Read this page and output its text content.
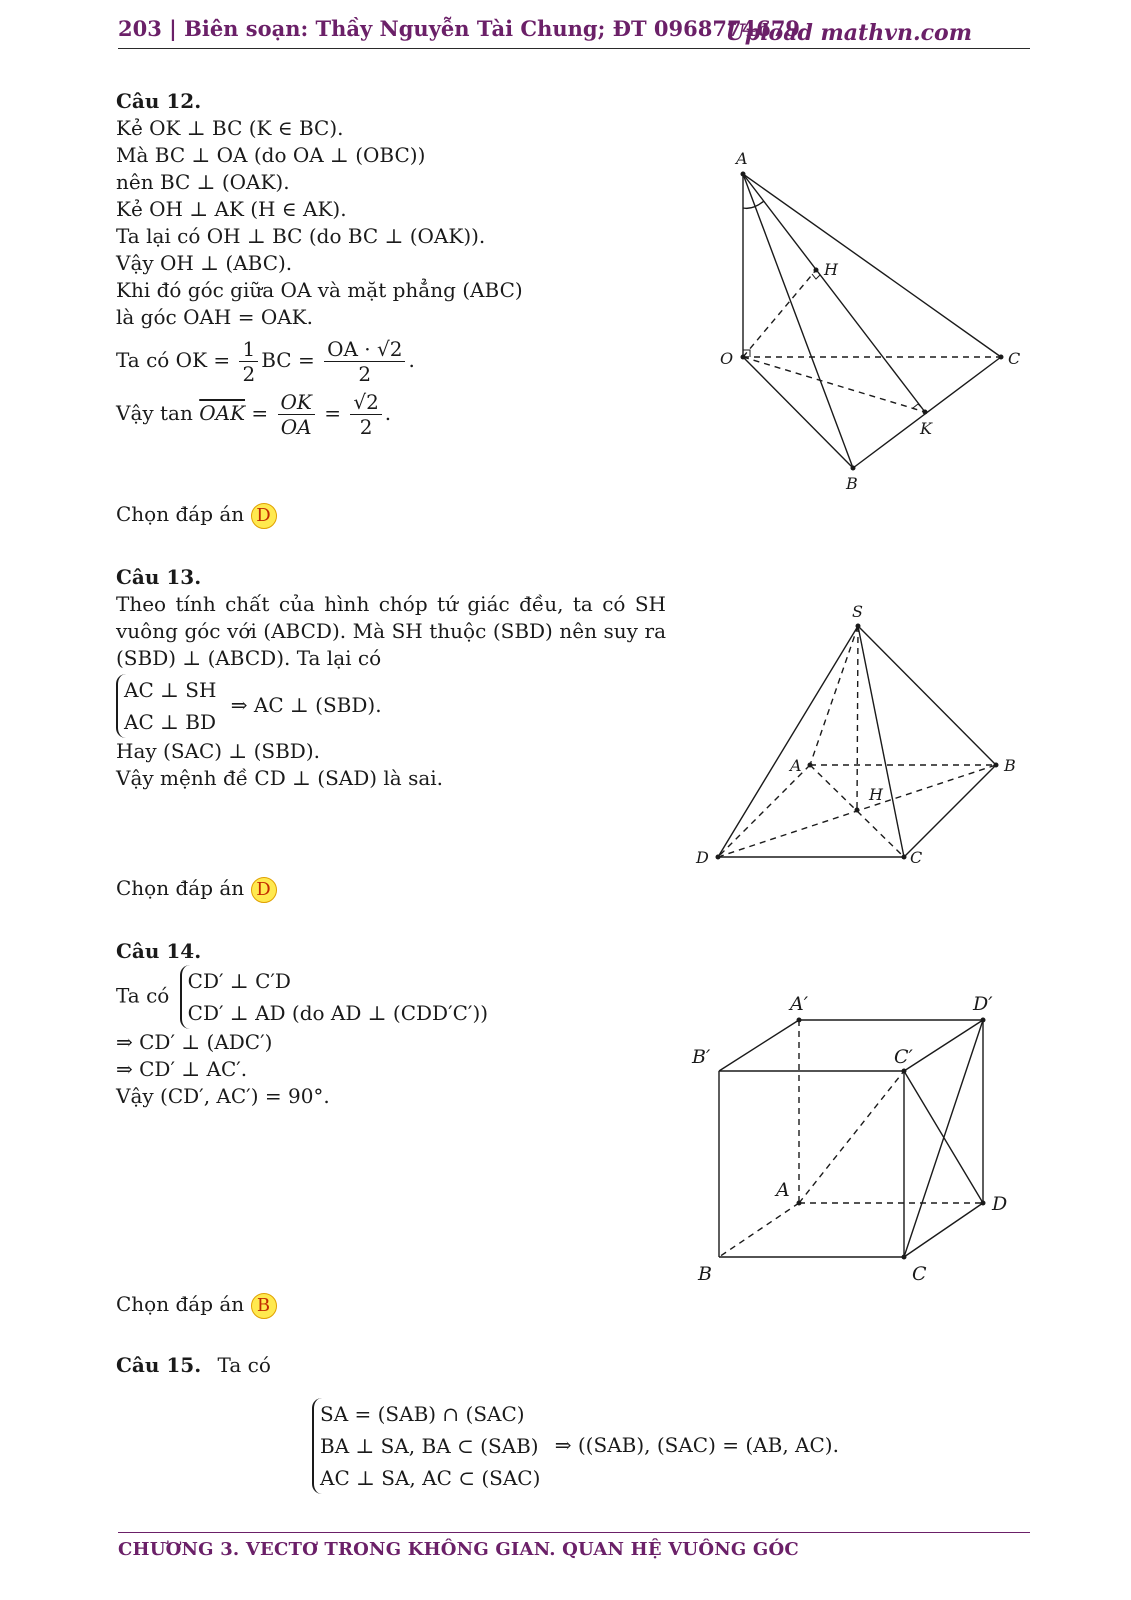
203 | Biên soạn: Thầy Nguyễn Tài Chung; ĐT 0968774679
Upload mathvn.com
Câu 12.
Kẻ OK ⊥ BC (K ∈ BC).
Mà BC ⊥ OA (do OA ⊥ (OBC))
nên BC ⊥ (OAK).
Kẻ OH ⊥ AK (H ∈ AK).
Ta lại có OH ⊥ BC (do BC ⊥ (OAK)).
Vậy OH ⊥ (ABC).
Khi đó góc giữa OA và mặt phẳng (ABC)
là góc OAH = OAK.
Ta có OK = $\frac{1}{2}$ BC = $\frac{OA \cdot √2}{2}$ .
Vậy $\tan \overline{OAK} = \frac{OK}{OA} = \frac{√2}{2}$ .
Chọn đáp án D
A
H
O	C
K
B
Câu 13.
Theo tính chất của hình chóp tứ giác đều, ta có SH vuông góc với (ABCD). Mà SH thuộc (SBD) nên suy ra (SBD) ⊥ (ABCD). Ta lại có
AC ⊥ SH
AC ⊥ BD
⇒ AC ⊥ (SBD).
Hay (SAC) ⊥ (SBD).
Vậy mệnh đề CD ⊥ (SAD) là sai.
Chọn đáp án D
S
A	B
H
D	C
Câu 14.
Ta có
CD′ ⊥ C′D
CD′ ⊥ AD (do AD ⊥ (CDD′C′))
⇒ CD′ ⊥ (ADC′)
⇒ CD′ ⊥ AC′.
Vậy (CD′, AC′) = 90°.
Chọn đáp án B
A′	D′
B′	C′
A
D
B	C
Câu 15. Ta có
SA = (SAB) ∩ (SAC)
BA ⊥ SA, BA ⊂ (SAB)
AC ⊥ SA, AC ⊂ (SAC)
⇒ ((SAB), (SAC) = (AB, AC).
CHƯƠNG 3. VECTƠ TRONG KHÔNG GIAN. QUAN HỆ VUÔNG GÓC
